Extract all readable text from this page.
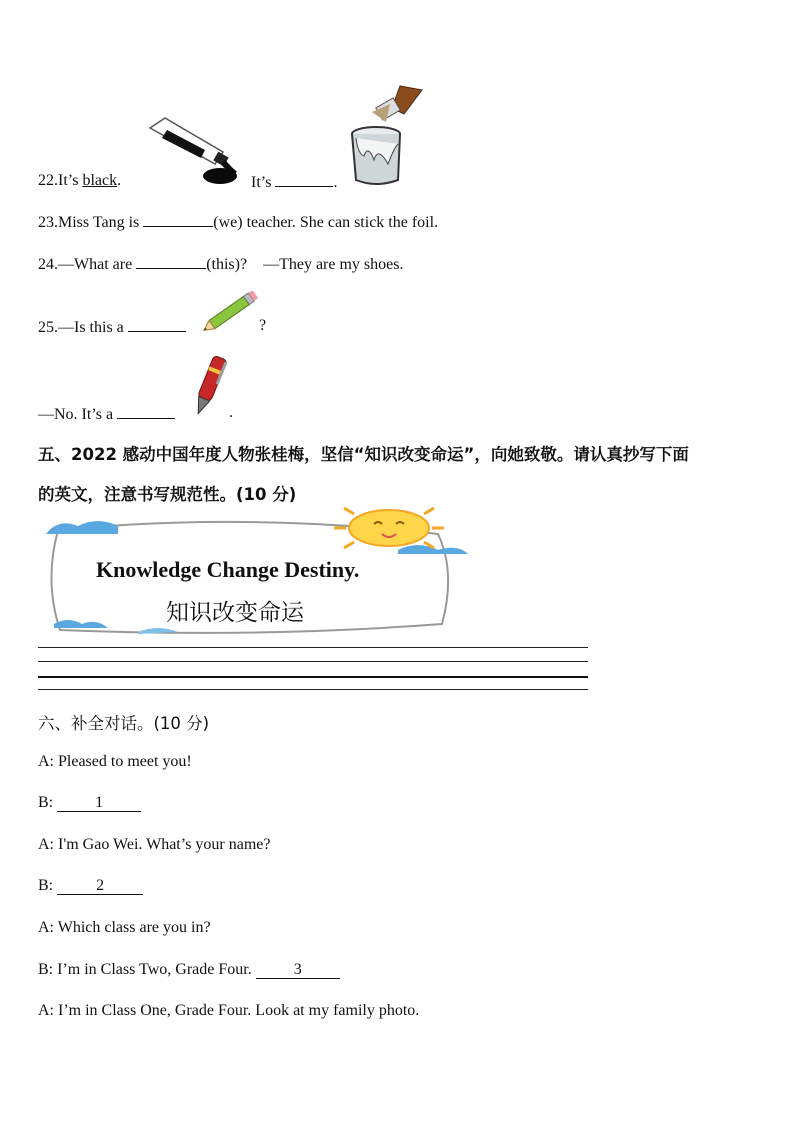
22.It’s black.	It’s	.
23.Miss Tang is	(we) teacher. She can stick the foil.
24.—What are	(this)? —They are my shoes.
25.—Is this a	?
—No. It’s a	.
五、2022 感动中国年度人物张桂梅，坚信“知识改变命运”，向她致敬。请认真抄写下面
的英文，注意书写规范性。(10 分)
Knowledge Change Destiny.
知识改变命运
六、补全对话。(10 分)
A: Pleased to meet you!
B: 1
A: I'm Gao Wei. What’s your name?
B: 2
A: Which class are you in?
B: I’m in Class Two, Grade Four. 3
A: I’m in Class One, Grade Four. Look at my family photo.
